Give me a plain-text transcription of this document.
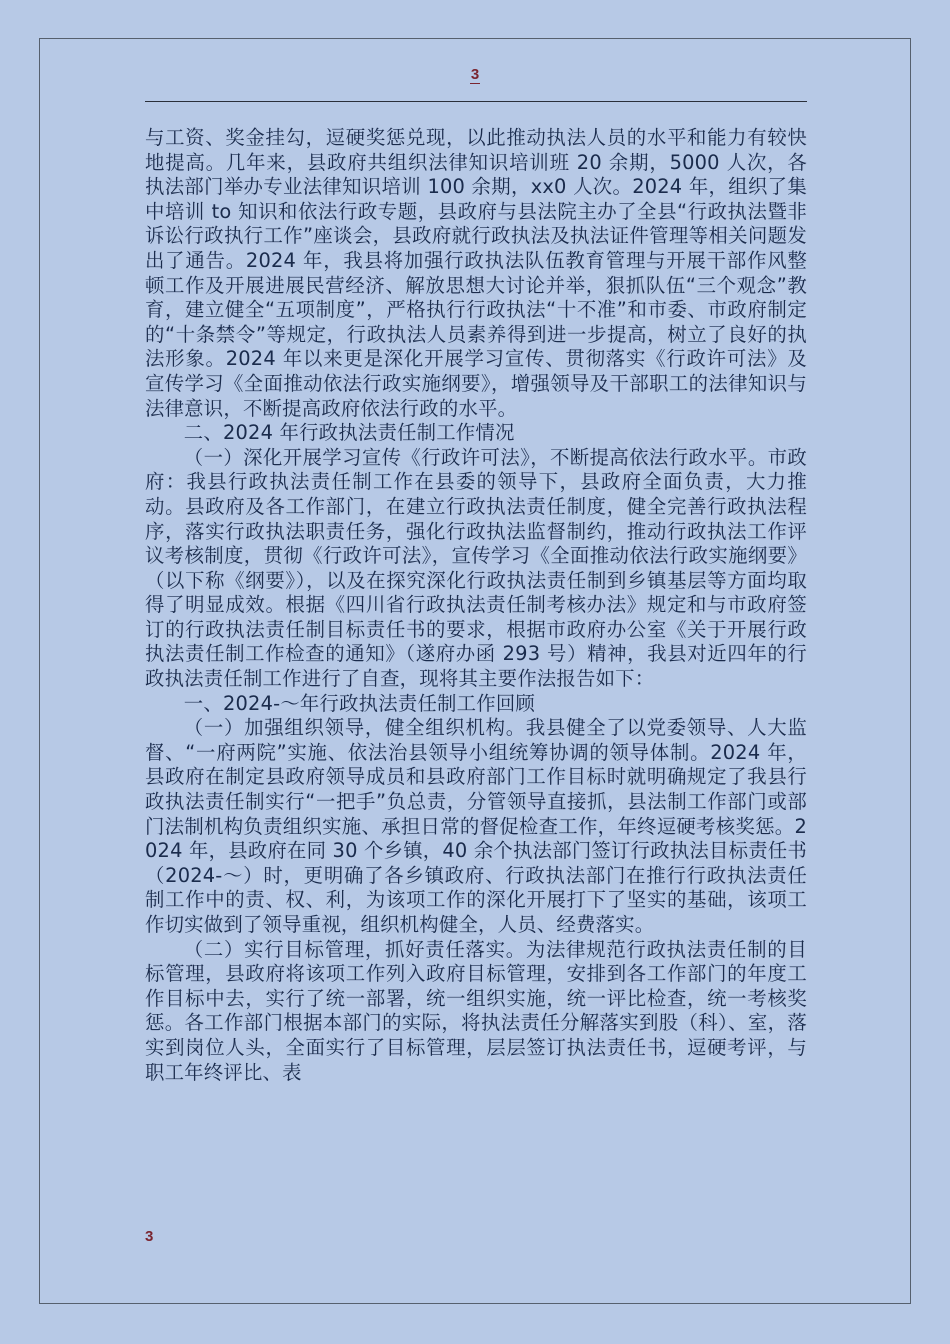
3

与工资、奖金挂勾，逗硬奖惩兑现，以此推动执法人员的水平和能力有较快地提高。几年来，县政府共组织法律知识培训班 20 余期，5000 人次，各执法部门举办专业法律知识培训 100 余期，xx0 人次。2024 年，组织了集中培训 to 知识和依法行政专题，县政府与县法院主办了全县“行政执法暨非诉讼行政执行工作”座谈会，县政府就行政执法及执法证件管理等相关问题发出了通告。2024 年，我县将加强行政执法队伍教育管理与开展干部作风整顿工作及开展进展民营经济、解放思想大讨论并举，狠抓队伍“三个观念”教育，建立健全“五项制度”，严格执行行政执法“十不准”和市委、市政府制定的“十条禁令”等规定，行政执法人员素养得到进一步提高，树立了良好的执法形象。2024 年以来更是深化开展学习宣传、贯彻落实《行政许可法》及宣传学习《全面推动依法行政实施纲要》，增强领导及干部职工的法律知识与法律意识，不断提高政府依法行政的水平。

二、2024 年行政执法责任制工作情况

（一）深化开展学习宣传《行政许可法》，不断提高依法行政水平。市政府：我县行政执法责任制工作在县委的领导下，县政府全面负责，大力推动。县政府及各工作部门，在建立行政执法责任制度，健全完善行政执法程序，落实行政执法职责任务，强化行政执法监督制约，推动行政执法工作评议考核制度，贯彻《行政许可法》，宣传学习《全面推动依法行政实施纲要》（以下称《纲要》），以及在探究深化行政执法责任制到乡镇基层等方面均取得了明显成效。根据《四川省行政执法责任制考核办法》规定和与市政府签订的行政执法责任制目标责任书的要求，根据市政府办公室《关于开展行政执法责任制工作检查的通知》（遂府办函 293 号）精神，我县对近四年的行政执法责任制工作进行了自查，现将其主要作法报告如下：

一、2024-～年行政执法责任制工作回顾

（一）加强组织领导，健全组织机构。我县健全了以党委领导、人大监督、“一府两院”实施、依法治县领导小组统筹协调的领导体制。2024 年，县政府在制定县政府领导成员和县政府部门工作目标时就明确规定了我县行政执法责任制实行“一把手”负总责，分管领导直接抓，县法制工作部门或部门法制机构负责组织实施、承担日常的督促检查工作，年终逗硬考核奖惩。2024 年，县政府在同 30 个乡镇，40 余个执法部门签订行政执法目标责任书（2024-～）时，更明确了各乡镇政府、行政执法部门在推行行政执法责任制工作中的责、权、利，为该项工作的深化开展打下了坚实的基础，该项工作切实做到了领导重视，组织机构健全，人员、经费落实。

（二）实行目标管理，抓好责任落实。为法律规范行政执法责任制的目标管理，县政府将该项工作列入政府目标管理，安排到各工作部门的年度工作目标中去，实行了统一部署，统一组织实施，统一评比检查，统一考核奖惩。各工作部门根据本部门的实际，将执法责任分解落实到股（科）、室，落实到岗位人头，全面实行了目标管理，层层签订执法责任书，逗硬考评，与职工年终评比、表

3
